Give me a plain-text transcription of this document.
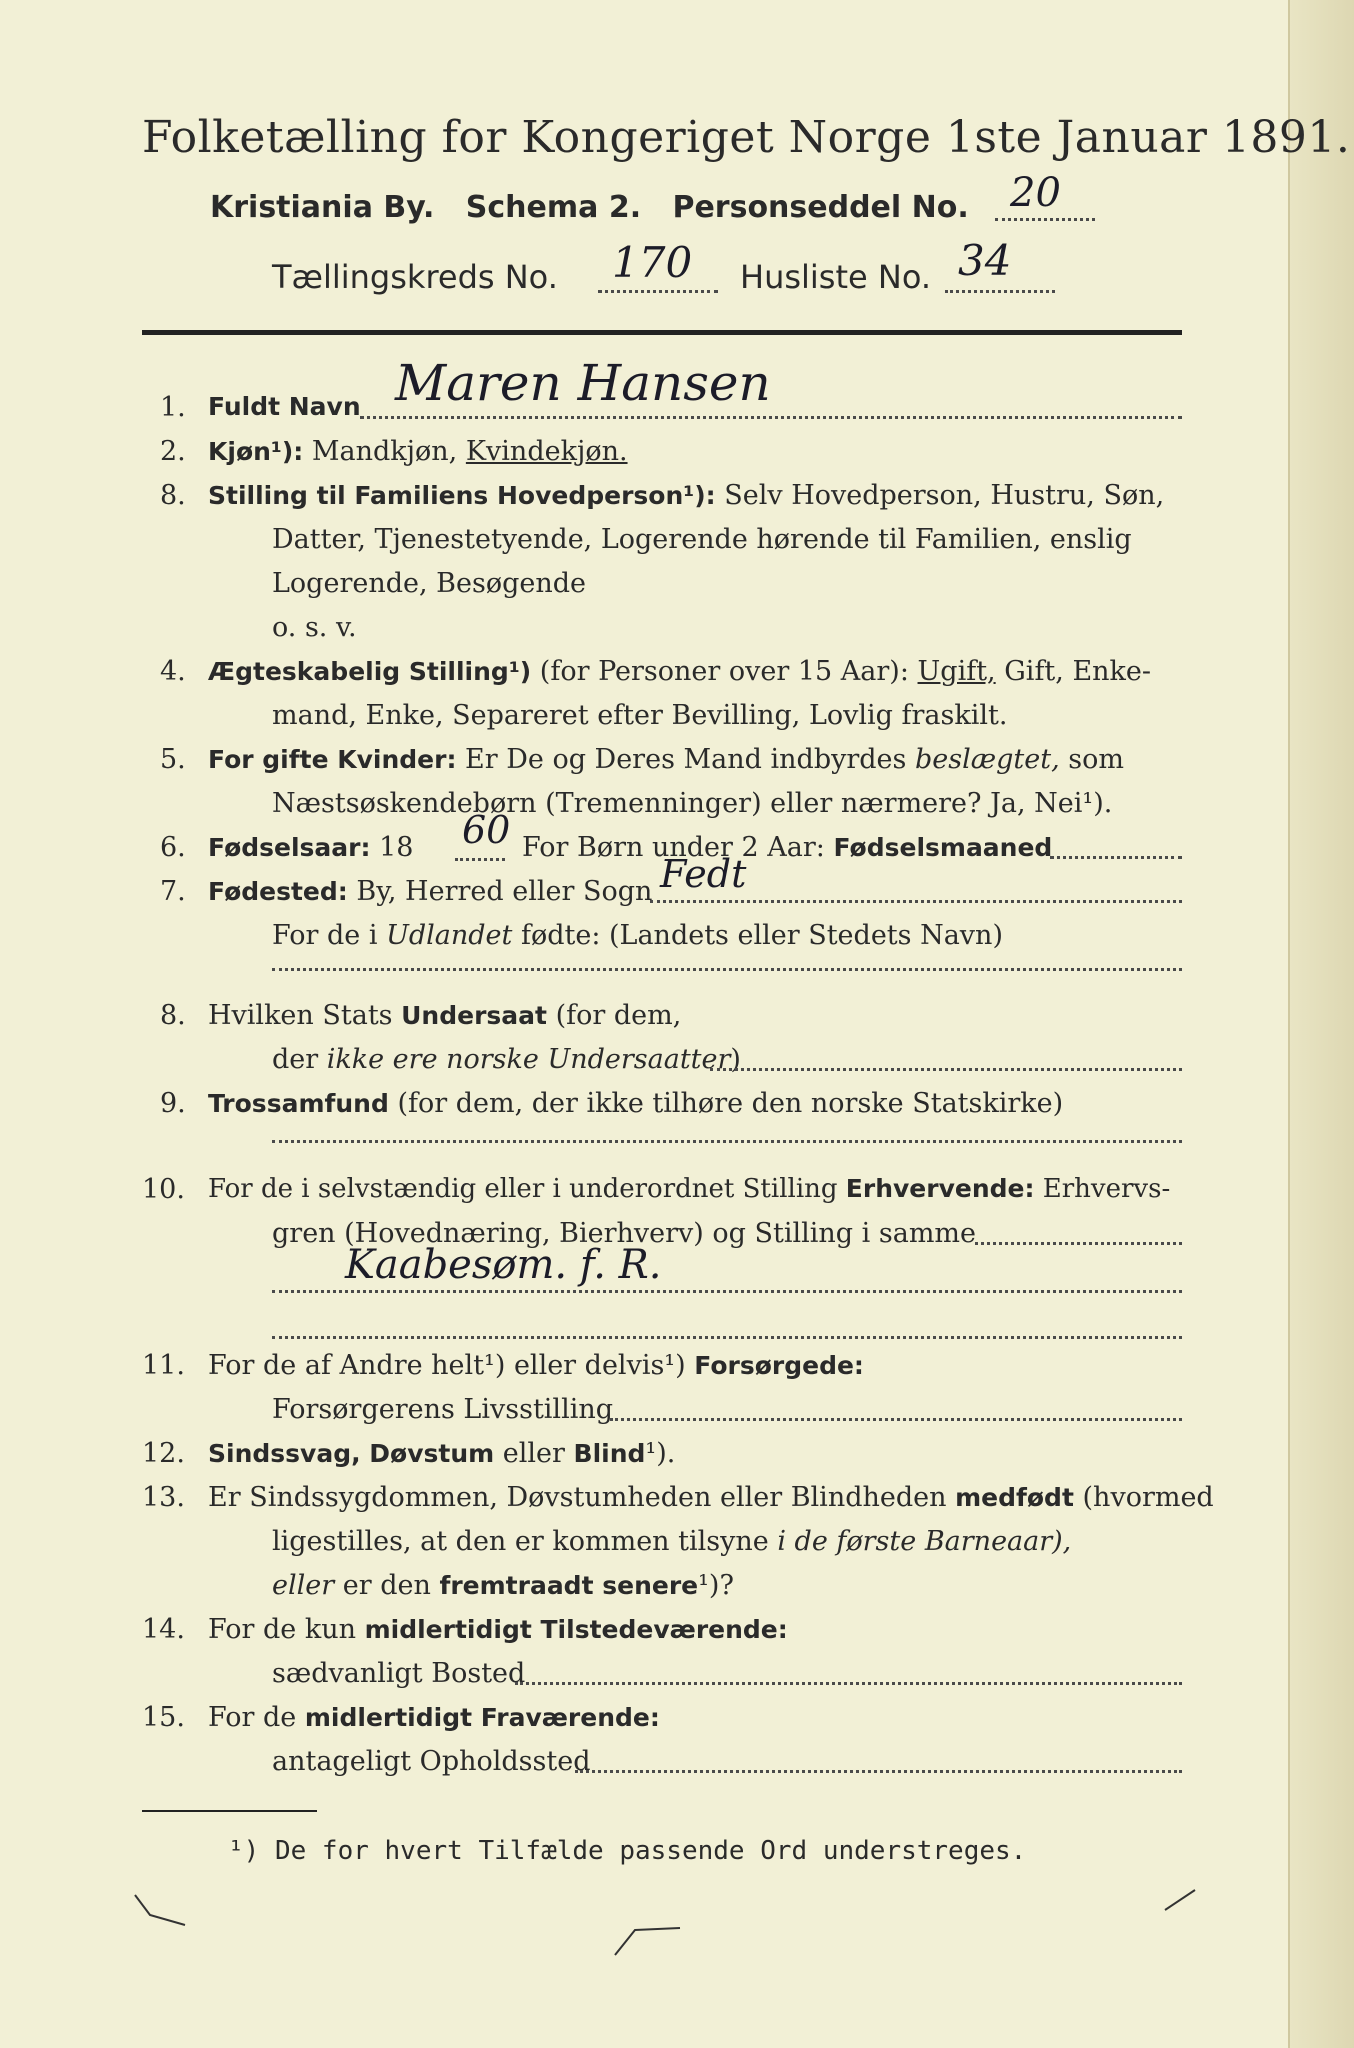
Folketælling for Kongeriget Norge 1ste Januar 1891.
Kristiania By. Schema 2. Personseddel No. 20
Tællingskreds No. 170 Husliste No. 34
1. Fuldt Navn Maren Hansen
2. Kjøn¹): Mandkjøn, Kvindekjøn.
8. Stilling til Familiens Hovedperson¹): Selv Hovedperson, Hustru, Søn,
Datter, Tjenestetyende, Logerende hørende til Familien, enslig
Logerende, Besøgende
o. s. v.
4. Ægteskabelig Stilling¹) (for Personer over 15 Aar): Ugift, Gift, Enke-
mand, Enke, Separeret efter Bevilling, Lovlig fraskilt.
5. For gifte Kvinder: Er De og Deres Mand indbyrdes beslægtet, som
Næstsøskendebørn (Tremenninger) eller nærmere? Ja, Nei¹).
6. Fødselsaar: 18 60 For Børn under 2 Aar: Fødselsmaaned
7. Fødested: By, Herred eller Sogn Fedt
For de i Udlandet fødte: (Landets eller Stedets Navn)
8. Hvilken Stats Undersaat (for dem,
der ikke ere norske Undersaatter)
9. Trossamfund (for dem, der ikke tilhøre den norske Statskirke)
10. For de i selvstændig eller i underordnet Stilling Erhvervende: Erhvervs-
gren (Hovednæring, Bierhverv) og Stilling i samme
Kaabesøm. f. R.
11. For de af Andre helt¹) eller delvis¹) Forsørgede:
Forsørgerens Livsstilling
12. Sindssvag, Døvstum eller Blind¹).
13. Er Sindssygdommen, Døvstumheden eller Blindheden medfødt (hvormed
ligestilles, at den er kommen tilsyne i de første Barneaar),
eller er den fremtraadt senere¹)?
14. For de kun midlertidigt Tilstedeværende:
sædvanligt Bosted
15. For de midlertidigt Fraværende:
antageligt Opholdssted
¹) De for hvert Tilfælde passende Ord understreges.
